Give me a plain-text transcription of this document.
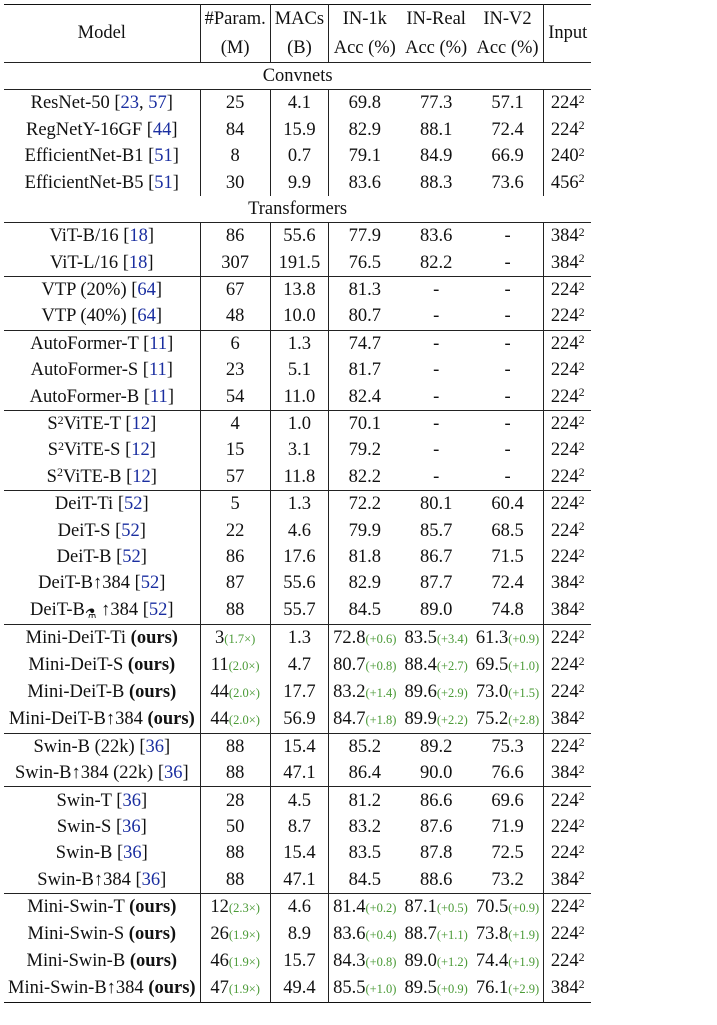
Model	#Param.	MACs	IN-1k	IN-Real	IN-V2	Input
	(M)	(B)	Acc (%)	Acc (%)	Acc (%)	
Convnets						
ResNet-50 [23, 57]	25	4.1	69.8	77.3	57.1	$224^2$
RegNetY-16GF [44]	84	15.9	82.9	88.1	72.4	$224^2$
EfficientNet-B1 [51]	8	0.7	79.1	84.9	66.9	$240^2$
EfficientNet-B5 [51]	30	9.9	83.6	88.3	73.6	$456^2$
Transformers						
ViT-B/16 [18]	86	55.6	77.9	83.6	-	$384^2$
ViT-L/16 [18]	307	191.5	76.5	82.2	-	$384^2$
VTP (20%) [64]	67	13.8	81.3	-	-	$224^2$
VTP (40%) [64]	48	10.0	80.7	-	-	$224^2$
AutoFormer-T [11]	6	1.3	74.7	-	-	$224^2$
AutoFormer-S [11]	23	5.1	81.7	-	-	$224^2$
AutoFormer-B [11]	54	11.0	82.4	-	-	$224^2$
$S^2ViTE-T$ [12]	4	1.0	70.1	-	-	$224^2$
$S^2ViTE-S$ [12]	15	3.1	79.2	-	-	$224^2$
$S^2ViTE-B$ [12]	57	11.8	82.2	-	-	$224^2$
DeiT-Ti [52]	5	1.3	72.2	80.1	60.4	$224^2$
DeiT-S [52]	22	4.6	79.9	85.7	68.5	$224^2$
DeiT-B [52]	86	17.6	81.8	86.7	71.5	$224^2$
DeiT-B↑384 [52]	87	55.6	82.9	87.7	72.4	$384^2$
DeiT-B⚗ ↑384 [52]	88	55.7	84.5	89.0	74.8	$384^2$
Mini-DeiT-Ti (ours)	3(1.7×)	1.3	72.8(+0.6)	83.5(+3.4)	61.3(+0.9)	$224^2$
Mini-DeiT-S (ours)	11(2.0×)	4.7	80.7(+0.8)	88.4(+2.7)	69.5(+1.0)	$224^2$
Mini-DeiT-B (ours)	44(2.0×)	17.7	83.2(+1.4)	89.6(+2.9)	73.0(+1.5)	$224^2$
Mini-DeiT-B↑384 (ours)	44(2.0×)	56.9	84.7(+1.8)	89.9(+2.2)	75.2(+2.8)	$384^2$
Swin-B (22k) [36]	88	15.4	85.2	89.2	75.3	$224^2$
Swin-B↑384 (22k) [36]	88	47.1	86.4	90.0	76.6	$384^2$
Swin-T [36]	28	4.5	81.2	86.6	69.6	$224^2$
Swin-S [36]	50	8.7	83.2	87.6	71.9	$224^2$
Swin-B [36]	88	15.4	83.5	87.8	72.5	$224^2$
Swin-B↑384 [36]	88	47.1	84.5	88.6	73.2	$384^2$
Mini-Swin-T (ours)	12(2.3×)	4.6	81.4(+0.2)	87.1(+0.5)	70.5(+0.9)	$224^2$
Mini-Swin-S (ours)	26(1.9×)	8.9	83.6(+0.4)	88.7(+1.1)	73.8(+1.9)	$224^2$
Mini-Swin-B (ours)	46(1.9×)	15.7	84.3(+0.8)	89.0(+1.2)	74.4(+1.9)	$224^2$
Mini-Swin-B↑384 (ours)	47(1.9×)	49.4	85.5(+1.0)	89.5(+0.9)	76.1(+2.9)	$384^2$
